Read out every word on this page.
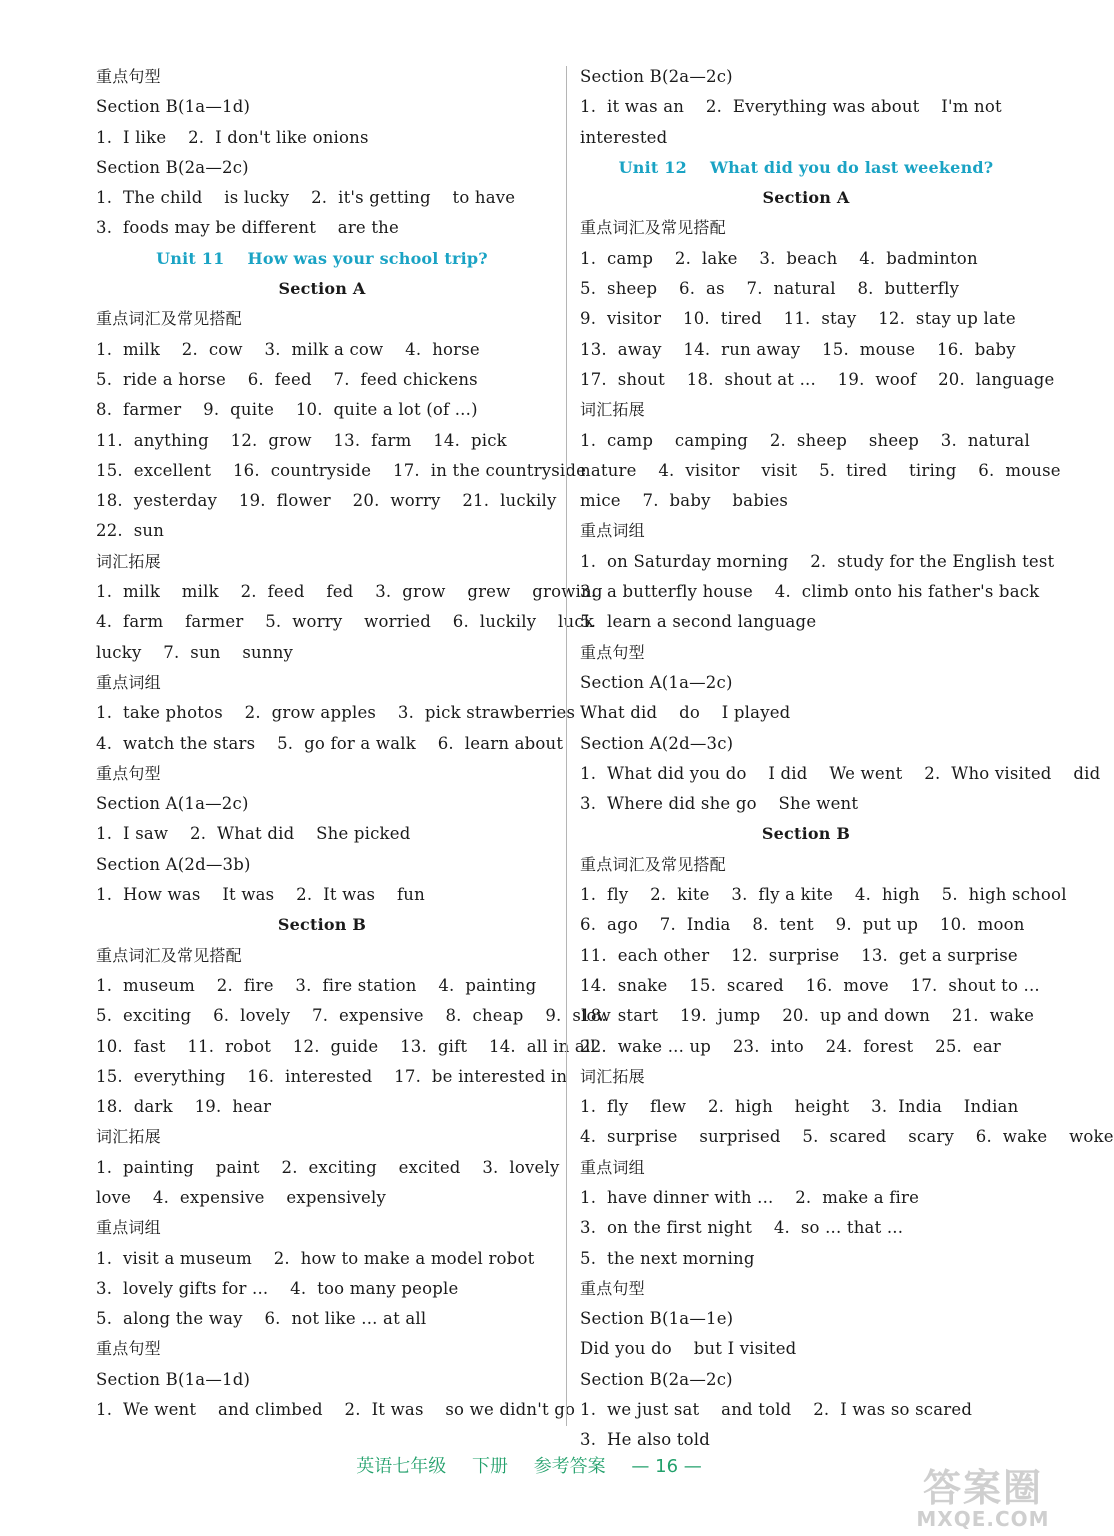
重点句型
Section B(1a—1d)
1.  I like    2.  I don't like onions
Section B(2a—2c)
1.  The child    is lucky    2.  it's getting    to have
3.  foods may be different    are the
Unit 11    How was your school trip?
Section A
重点词汇及常见搭配
1.  milk    2.  cow    3.  milk a cow    4.  horse
5.  ride a horse    6.  feed    7.  feed chickens
8.  farmer    9.  quite    10.  quite a lot (of ...)
11.  anything    12.  grow    13.  farm    14.  pick
15.  excellent    16.  countryside    17.  in the countryside
18.  yesterday    19.  flower    20.  worry    21.  luckily
22.  sun
词汇拓展
1.  milk    milk    2.  feed    fed    3.  grow    grew    growing
4.  farm    farmer    5.  worry    worried    6.  luckily    luck
lucky    7.  sun    sunny
重点词组
1.  take photos    2.  grow apples    3.  pick strawberries
4.  watch the stars    5.  go for a walk    6.  learn about
重点句型
Section A(1a—2c)
1.  I saw    2.  What did    She picked
Section A(2d—3b)
1.  How was    It was    2.  It was    fun
Section B
重点词汇及常见搭配
1.  museum    2.  fire    3.  fire station    4.  painting
5.  exciting    6.  lovely    7.  expensive    8.  cheap    9.  slow
10.  fast    11.  robot    12.  guide    13.  gift    14.  all in all
15.  everything    16.  interested    17.  be interested in
18.  dark    19.  hear
词汇拓展
1.  painting    paint    2.  exciting    excited    3.  lovely
love    4.  expensive    expensively
重点词组
1.  visit a museum    2.  how to make a model robot
3.  lovely gifts for ...    4.  too many people
5.  along the way    6.  not like ... at all
重点句型
Section B(1a—1d)
1.  We went    and climbed    2.  It was    so we didn't go
Section B(2a—2c)
1.  it was an    2.  Everything was about    I'm not
interested
Unit 12    What did you do last weekend?
Section A
重点词汇及常见搭配
1.  camp    2.  lake    3.  beach    4.  badminton
5.  sheep    6.  as    7.  natural    8.  butterfly
9.  visitor    10.  tired    11.  stay    12.  stay up late
13.  away    14.  run away    15.  mouse    16.  baby
17.  shout    18.  shout at ...    19.  woof    20.  language
词汇拓展
1.  camp    camping    2.  sheep    sheep    3.  natural
nature    4.  visitor    visit    5.  tired    tiring    6.  mouse
mice    7.  baby    babies
重点词组
1.  on Saturday morning    2.  study for the English test
3.  a butterfly house    4.  climb onto his father's back
5.  learn a second language
重点句型
Section A(1a—2c)
What did    do    I played
Section A(2d—3c)
1.  What did you do    I did    We went    2.  Who visited    did
3.  Where did she go    She went
Section B
重点词汇及常见搭配
1.  fly    2.  kite    3.  fly a kite    4.  high    5.  high school
6.  ago    7.  India    8.  tent    9.  put up    10.  moon
11.  each other    12.  surprise    13.  get a surprise
14.  snake    15.  scared    16.  move    17.  shout to ...
18.  start    19.  jump    20.  up and down    21.  wake
22.  wake ... up    23.  into    24.  forest    25.  ear
词汇拓展
1.  fly    flew    2.  high    height    3.  India    Indian
4.  surprise    surprised    5.  scared    scary    6.  wake    woke
重点词组
1.  have dinner with ...    2.  make a fire
3.  on the first night    4.  so ... that ...
5.  the next morning
重点句型
Section B(1a—1e)
Did you do    but I visited
Section B(2a—2c)
1.  we just sat    and told    2.  I was so scared
3.  He also told
英语七年级 下册 参考答案 — 16 —	答案圈
MXQE.COM
